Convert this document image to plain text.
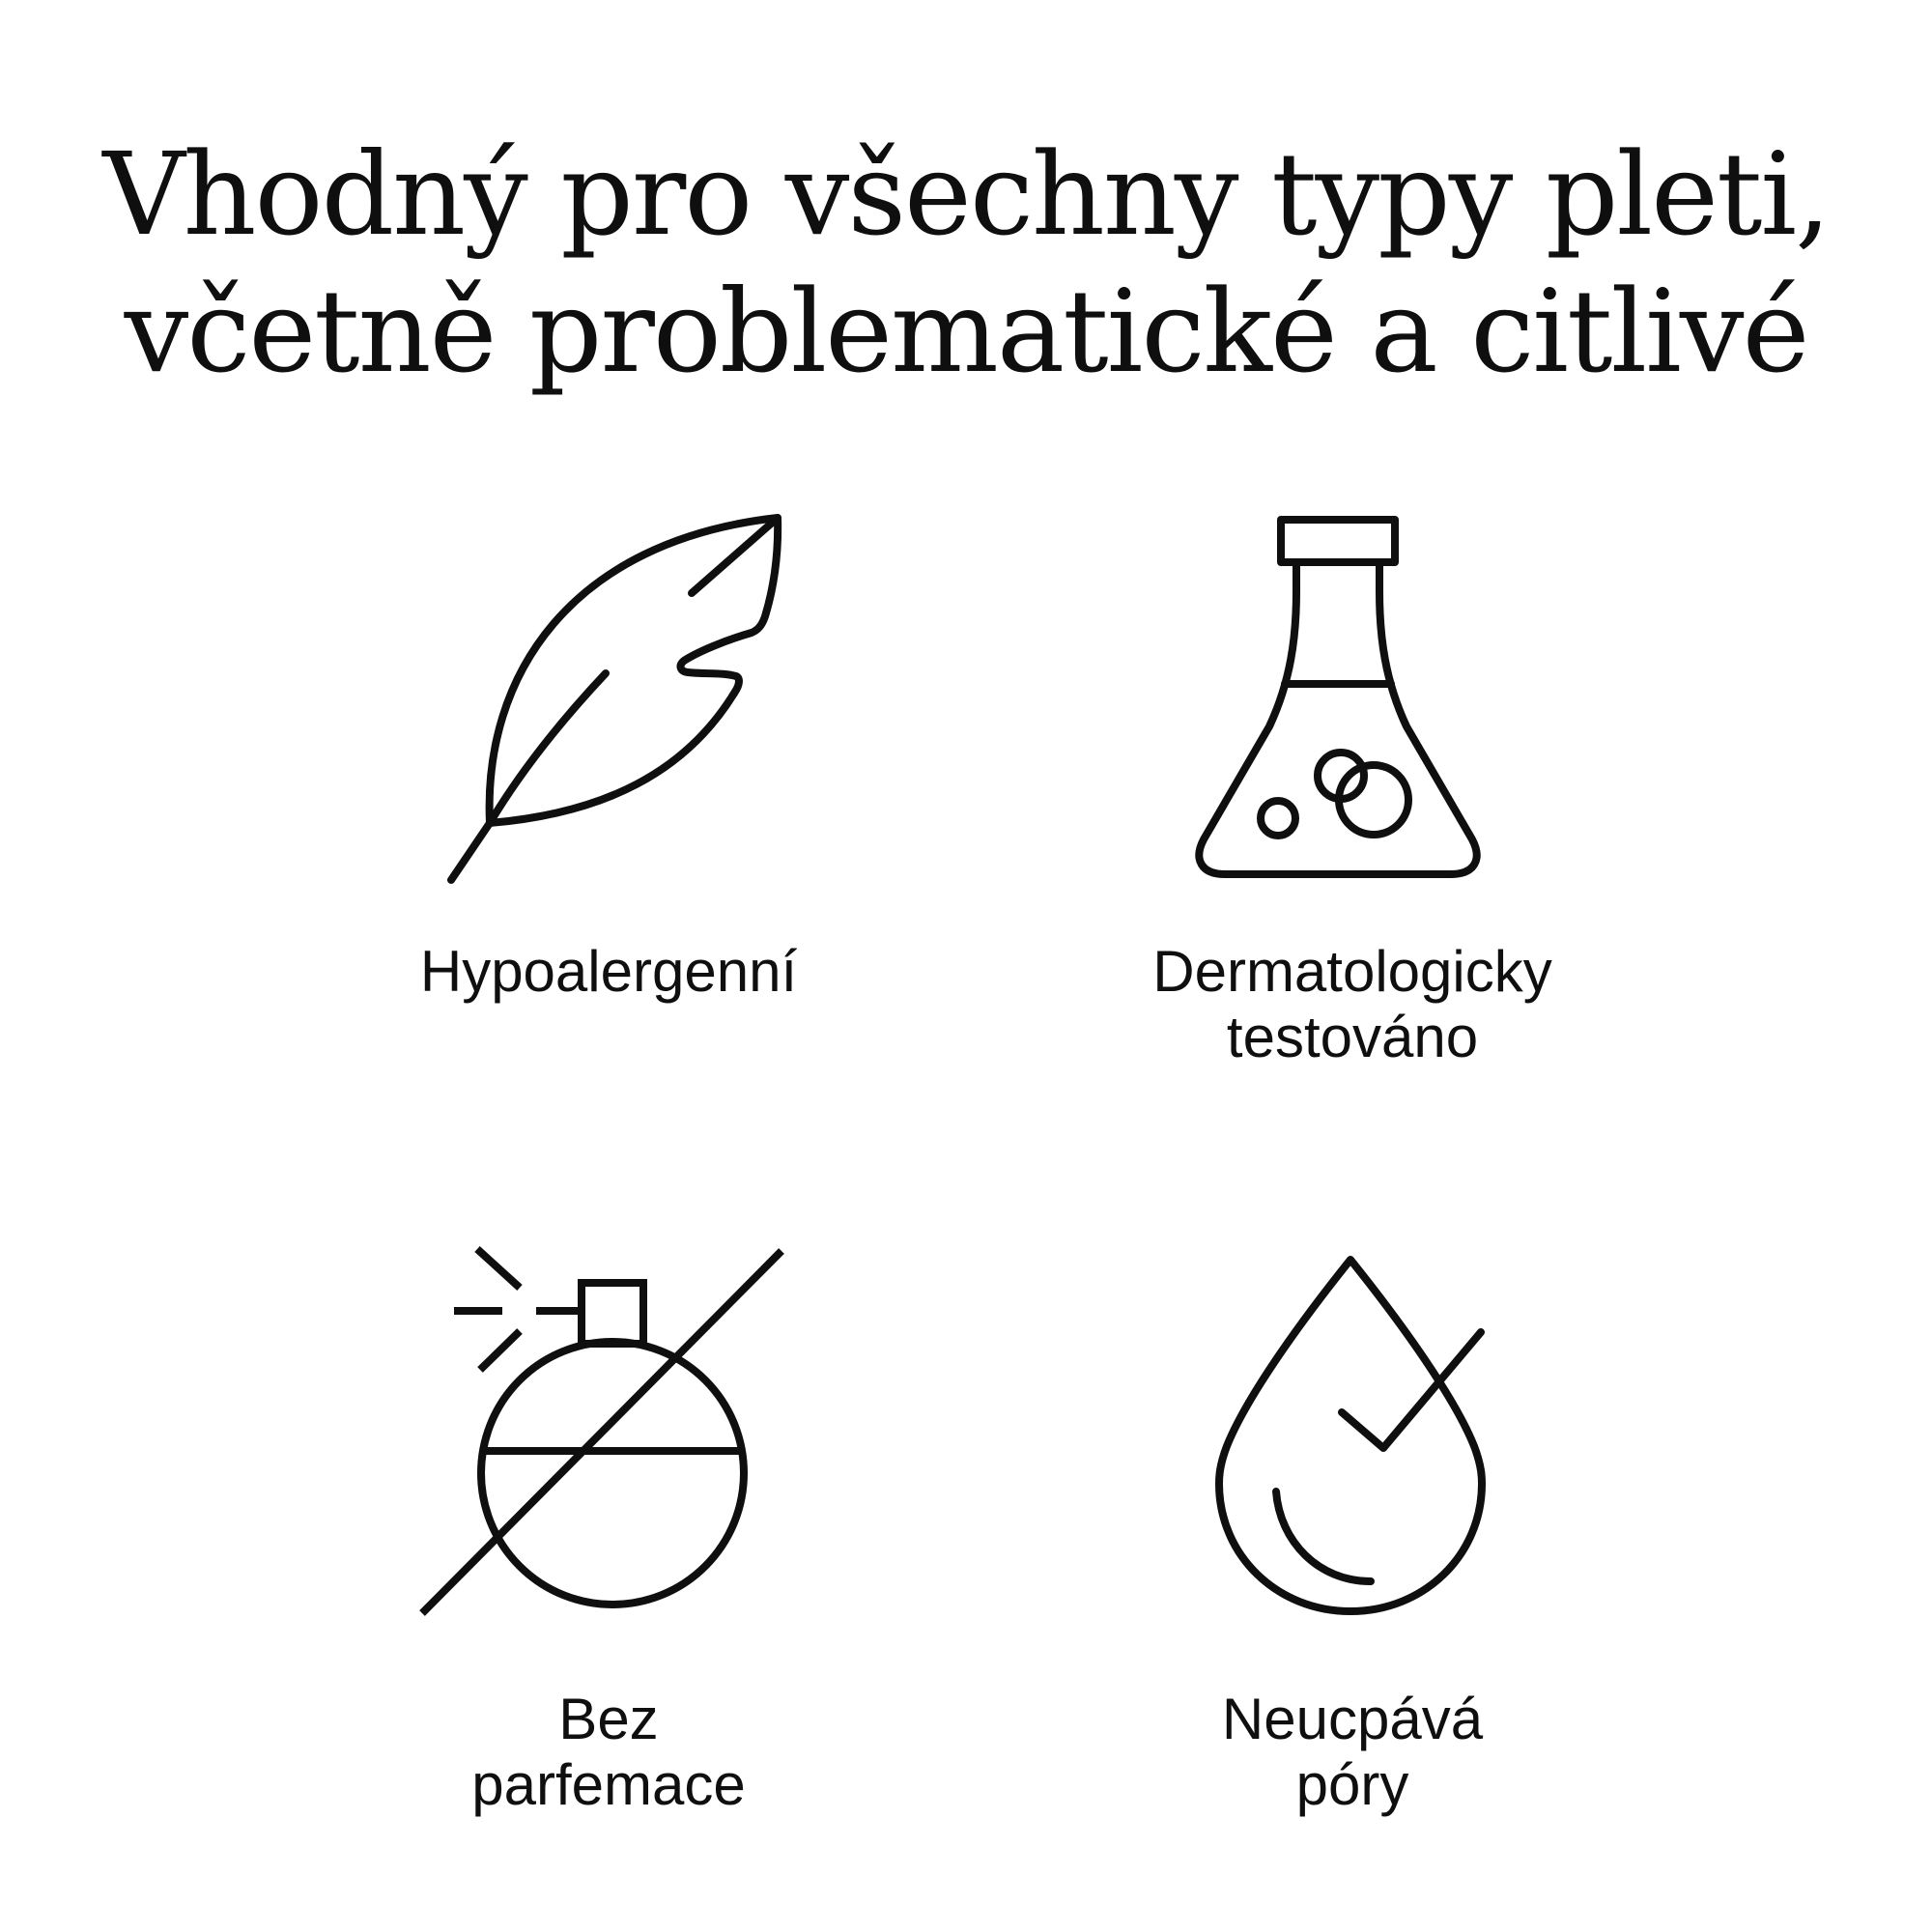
Vhodný pro všechny typy pleti,
včetně problematické a citlivé

Hypoalergenní	Dermatologicky
testováno

Bez
parfemace

Neucpává
póry
